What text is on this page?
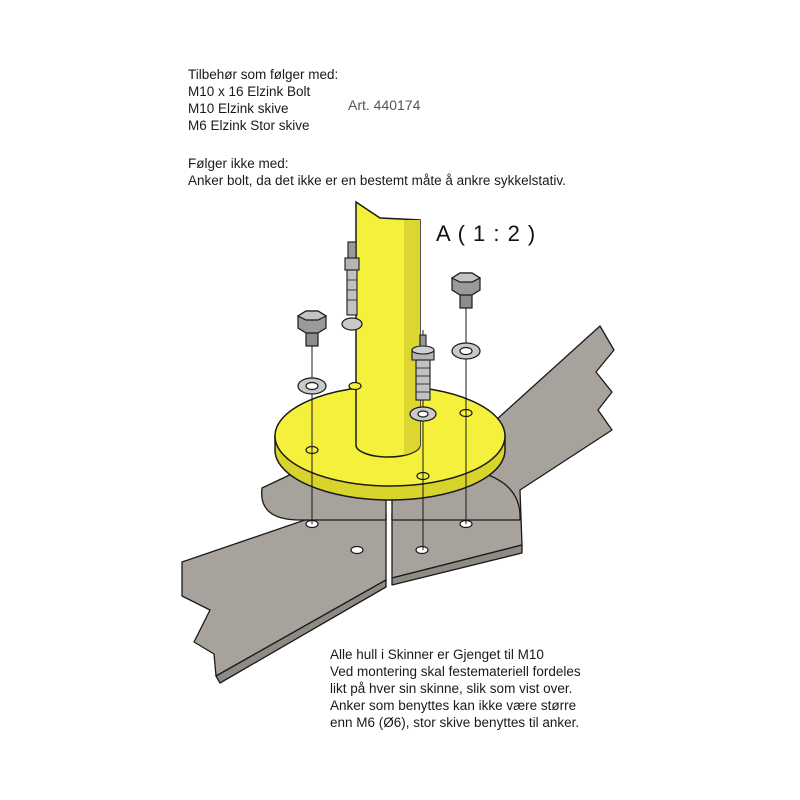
Tilbehør som følger med:
M10 x 16 Elzink Bolt
M10 Elzink skive
M6 Elzink Stor skive
Art. 440174
Følger ikke med:
Anker bolt, da det ikke er en bestemt måte å ankre sykkelstativ.
A ( 1 : 2 )
Alle hull i Skinner er Gjenget til M10
Ved montering skal festemateriell fordeles
likt på hver sin skinne, slik som vist over.
Anker som benyttes kan ikke være større
enn M6 (Ø6), stor skive benyttes til anker.
